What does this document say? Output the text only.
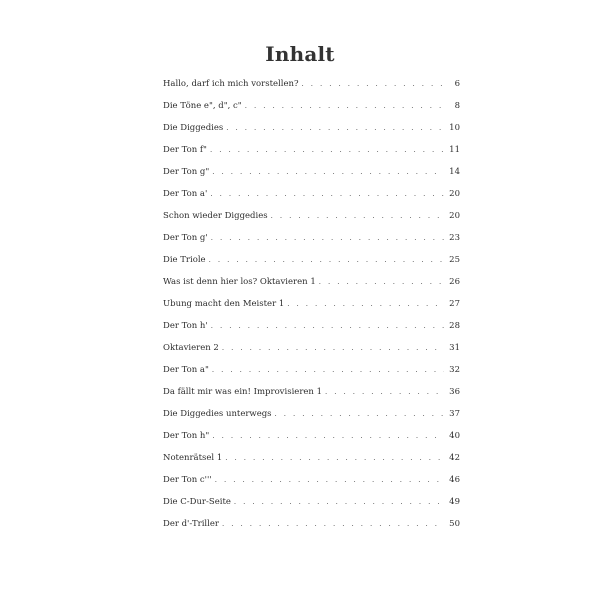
Inhalt
Hallo, darf ich mich vorstellen? . . .	6
Die Töne e", d", c" . . .	8
Die Diggedies . . .	10
Der Ton f" . . .	11
Der Ton g" . . .	14
Der Ton a' . . .	20
Schon wieder Diggedies . . .	20
Der Ton g' . . .	23
Die Triole . . .	25
Was ist denn hier los? Oktavieren 1 . . .	26
Ubung macht den Meister 1 . . .	27
Der Ton h' . . .	28
Oktavieren 2 . . .	31
Der Ton a" . . .	32
Da fällt mir was ein! Improvisieren 1 . . .	36
Die Diggedies unterwegs . . .	37
Der Ton h" . . .	40
Notenrätsel 1 . . .	42
Der Ton c''' . . .	46
Die C-Dur-Seite . . .	49
Der d'-Triller . . .	50
